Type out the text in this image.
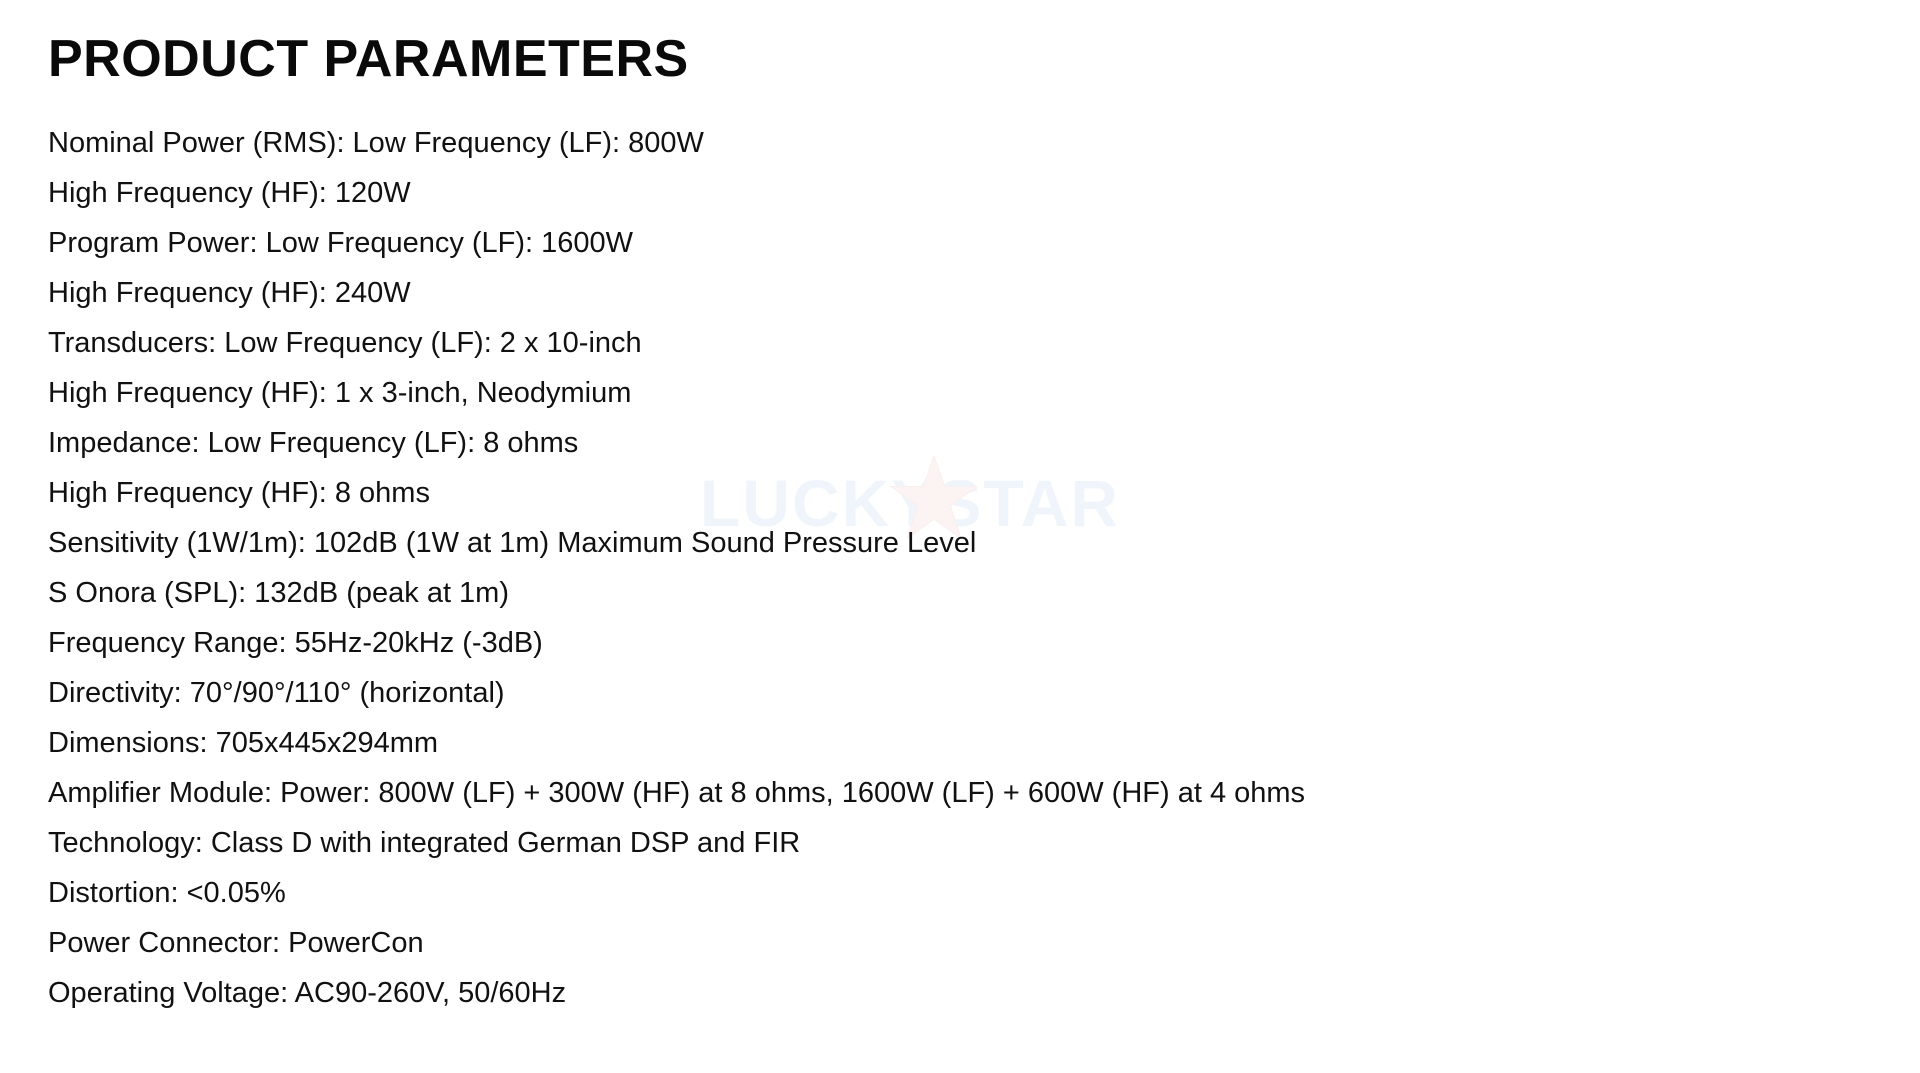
PRODUCT PARAMETERS
LUCKYSTAR
Nominal Power (RMS): Low Frequency (LF): 800W
High Frequency (HF): 120W
Program Power: Low Frequency (LF): 1600W
High Frequency (HF): 240W
Transducers: Low Frequency (LF): 2 x 10-inch
High Frequency (HF): 1 x 3-inch, Neodymium
Impedance: Low Frequency (LF): 8 ohms
High Frequency (HF): 8 ohms
Sensitivity (1W/1m): 102dB (1W at 1m) Maximum Sound Pressure Level
S Onora (SPL): 132dB (peak at 1m)
Frequency Range: 55Hz-20kHz (-3dB)
Directivity: 70°/90°/110° (horizontal)
Dimensions: 705x445x294mm
Amplifier Module: Power: 800W (LF) + 300W (HF) at 8 ohms, 1600W (LF) + 600W (HF) at 4 ohms
Technology: Class D with integrated German DSP and FIR
Distortion: <0.05%
Power Connector: PowerCon
Operating Voltage: AC90-260V, 50/60Hz
